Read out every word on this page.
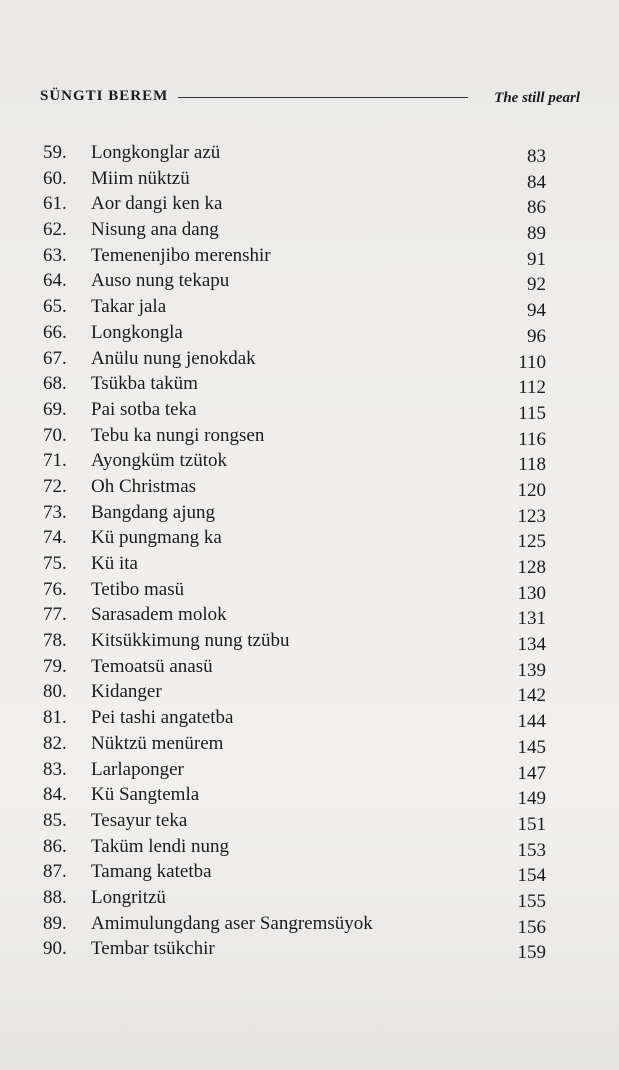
SÜNGTI BEREM	The still pearl
59.	Longkonglar azü	83
60.	Miim nüktzü	84
61.	Aor dangi ken ka	86
62.	Nisung ana dang	89
63.	Temenenjibo merenshir	91
64.	Auso nung tekapu	92
65.	Takar jala	94
66.	Longkongla	96
67.	Anülu nung jenokdak	110
68.	Tsükba taküm	112
69.	Pai sotba teka	115
70.	Tebu ka nungi rongsen	116
71.	Ayongküm tzütok	118
72.	Oh Christmas	120
73.	Bangdang ajung	123
74.	Kü pungmang ka	125
75.	Kü ita	128
76.	Tetibo masü	130
77.	Sarasadem molok	131
78.	Kitsükkimung nung tzübu	134
79.	Temoatsü anasü	139
80.	Kidanger	142
81.	Pei tashi angatetba	144
82.	Nüktzü menürem	145
83.	Larlaponger	147
84.	Kü Sangtemla	149
85.	Tesayur teka	151
86.	Taküm lendi nung	153
87.	Tamang katetba	154
88.	Longritzü	155
89.	Amimulungdang aser Sangremsüyok	156
90.	Tembar tsükchir	159
